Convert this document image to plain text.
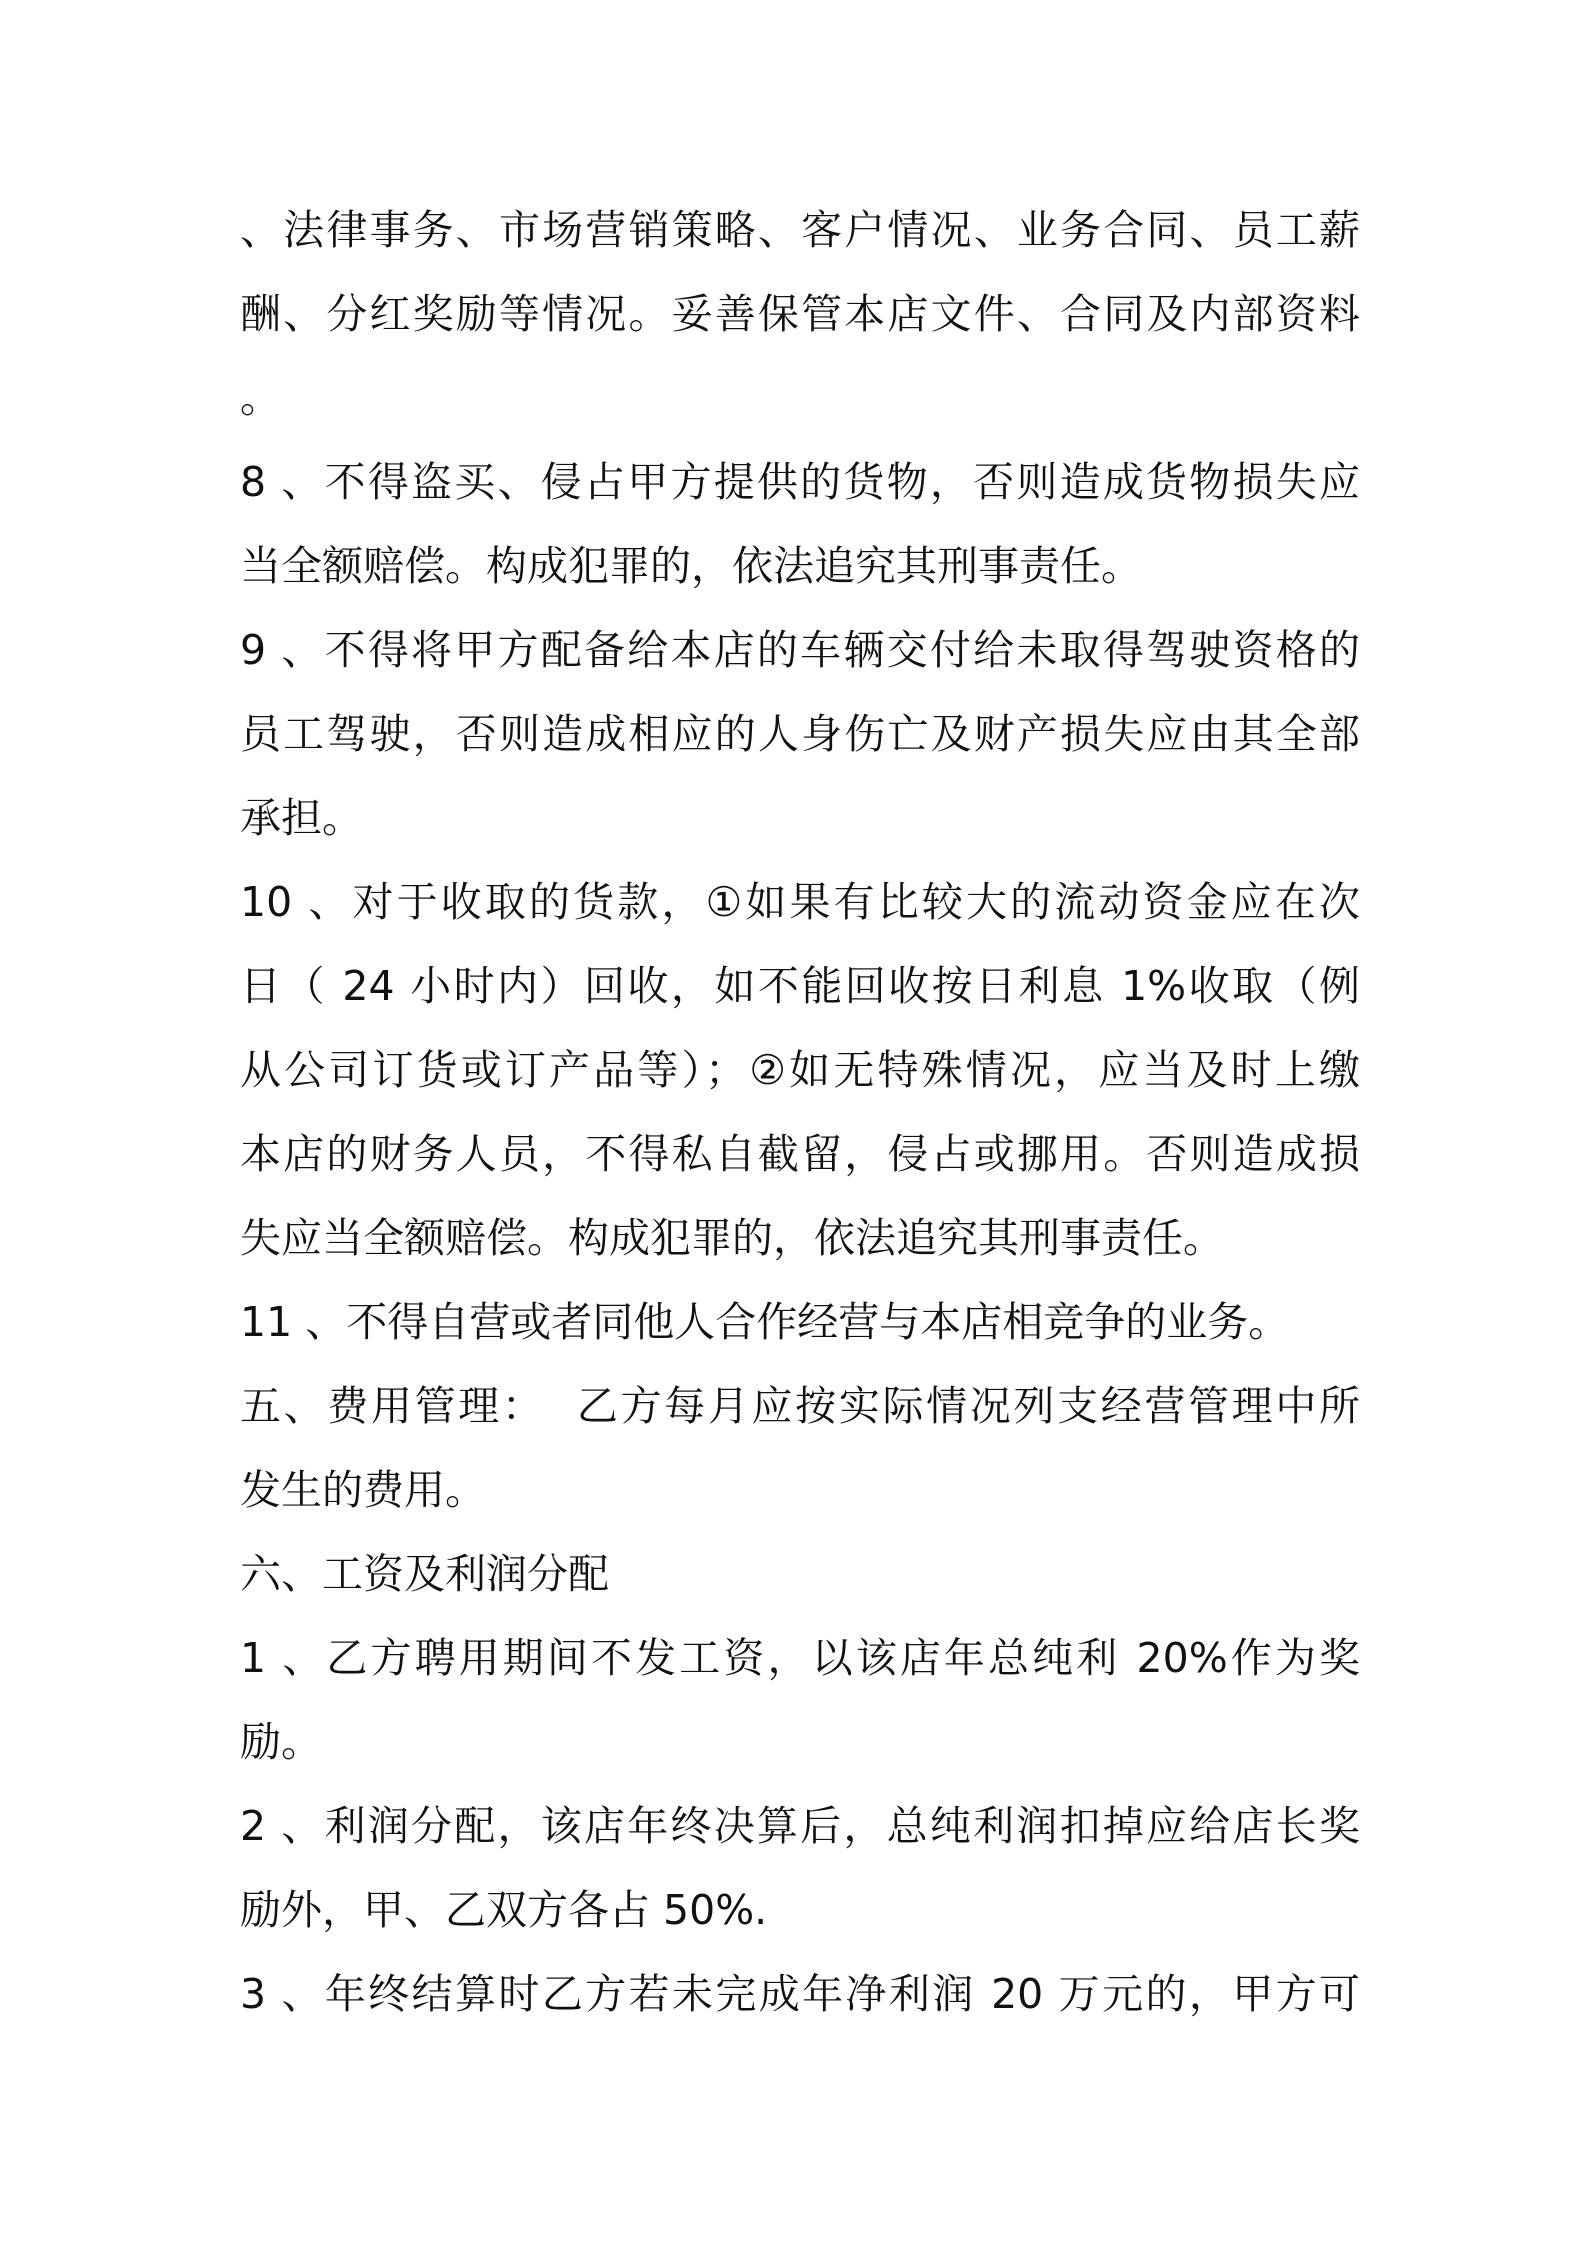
、法律事务、市场营销策略、客户情况、业务合同、员工薪
酬、分红奖励等情况。妥善保管本店文件、合同及内部资料
。
8 、不得盗买、侵占甲方提供的货物，否则造成货物损失应
当全额赔偿。构成犯罪的，依法追究其刑事责任。
9 、不得将甲方配备给本店的车辆交付给未取得驾驶资格的
员工驾驶，否则造成相应的人身伤亡及财产损失应由其全部
承担。
10 、对于收取的货款，①如果有比较大的流动资金应在次
日（ 24 小时内）回收，如不能回收按日利息 1%收取（例
从公司订货或订产品等）；②如无特殊情况，应当及时上缴
本店的财务人员，不得私自截留，侵占或挪用。否则造成损
失应当全额赔偿。构成犯罪的，依法追究其刑事责任。
11 、不得自营或者同他人合作经营与本店相竞争的业务。
五、费用管理：  乙方每月应按实际情况列支经营管理中所
发生的费用。
六、工资及利润分配
1 、乙方聘用期间不发工资，以该店年总纯利 20%作为奖
励。
2 、利润分配，该店年终决算后，总纯利润扣掉应给店长奖
励外，甲、乙双方各占 50%.
3 、年终结算时乙方若未完成年净利润 20 万元的，甲方可
